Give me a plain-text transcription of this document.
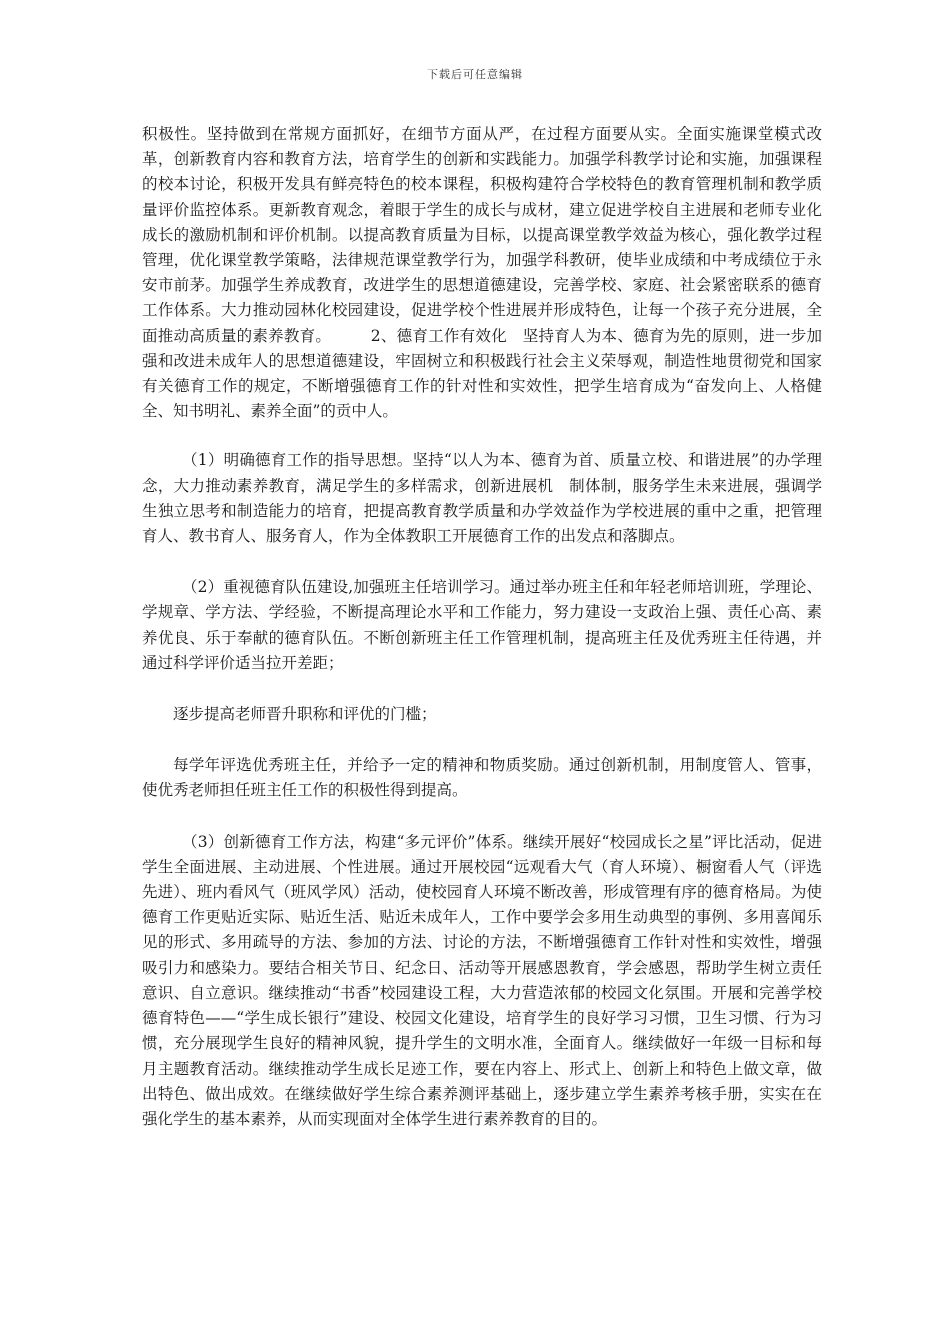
下载后可任意编辑

积极性。坚持做到在常规方面抓好，在细节方面从严，在过程方面要从实。全面实施课堂模式改革，创新教育内容和教育方法，培育学生的创新和实践能力。加强学科教学讨论和实施，加强课程的校本讨论，积极开发具有鲜亮特色的校本课程，积极构建符合学校特色的教育管理机制和教学质量评价监控体系。更新教育观念，着眼于学生的成长与成材，建立促进学校自主进展和老师专业化成长的激励机制和评价机制。以提高教育质量为目标，以提高课堂教学效益为核心，强化教学过程管理，优化课堂教学策略，法律规范课堂教学行为，加强学科教研，使毕业成绩和中考成绩位于永安市前茅。加强学生养成教育，改进学生的思想道德建设，完善学校、家庭、社会紧密联系的德育工作体系。大力推动园林化校园建设，促进学校个性进展并形成特色，让每一个孩子充分进展，全面推动高质量的素养教育。　　　2、德育工作有效化　坚持育人为本、德育为先的原则，进一步加强和改进未成年人的思想道德建设，牢固树立和积极践行社会主义荣辱观，制造性地贯彻党和国家有关德育工作的规定，不断增强德育工作的针对性和实效性，把学生培育成为“奋发向上、人格健全、知书明礼、素养全面”的贡中人。

（1）明确德育工作的指导思想。坚持“以人为本、德育为首、质量立校、和谐进展”的办学理念，大力推动素养教育，满足学生的多样需求，创新进展机　制体制，服务学生未来进展，强调学生独立思考和制造能力的培育，把提高教育教学质量和办学效益作为学校进展的重中之重，把管理育人、教书育人、服务育人，作为全体教职工开展德育工作的出发点和落脚点。

（2）重视德育队伍建设,加强班主任培训学习。通过举办班主任和年轻老师培训班，学理论、学规章、学方法、学经验，不断提高理论水平和工作能力，努力建设一支政治上强、责任心高、素养优良、乐于奉献的德育队伍。不断创新班主任工作管理机制，提高班主任及优秀班主任待遇，并通过科学评价适当拉开差距；

逐步提高老师晋升职称和评优的门槛；

每学年评选优秀班主任，并给予一定的精神和物质奖励。通过创新机制，用制度管人、管事，使优秀老师担任班主任工作的积极性得到提高。

（3）创新德育工作方法，构建“多元评价”体系。继续开展好“校园成长之星”评比活动，促进学生全面进展、主动进展、个性进展。通过开展校园“远观看大气（育人环境）、橱窗看人气（评选先进）、班内看风气（班风学风）活动，使校园育人环境不断改善，形成管理有序的德育格局。为使德育工作更贴近实际、贴近生活、贴近未成年人，工作中要学会多用生动典型的事例、多用喜闻乐见的形式、多用疏导的方法、参加的方法、讨论的方法，不断增强德育工作针对性和实效性，增强吸引力和感染力。要结合相关节日、纪念日、活动等开展感恩教育，学会感恩，帮助学生树立责任意识、自立意识。继续推动“书香”校园建设工程，大力营造浓郁的校园文化氛围。开展和完善学校德育特色——“学生成长银行”建设、校园文化建设，培育学生的良好学习习惯，卫生习惯、行为习惯，充分展现学生良好的精神风貌，提升学生的文明水准，全面育人。继续做好一年级一目标和每月主题教育活动。继续推动学生成长足迹工作，要在内容上、形式上、创新上和特色上做文章，做出特色、做出成效。在继续做好学生综合素养测评基础上，逐步建立学生素养考核手册，实实在在强化学生的基本素养，从而实现面对全体学生进行素养教育的目的。
